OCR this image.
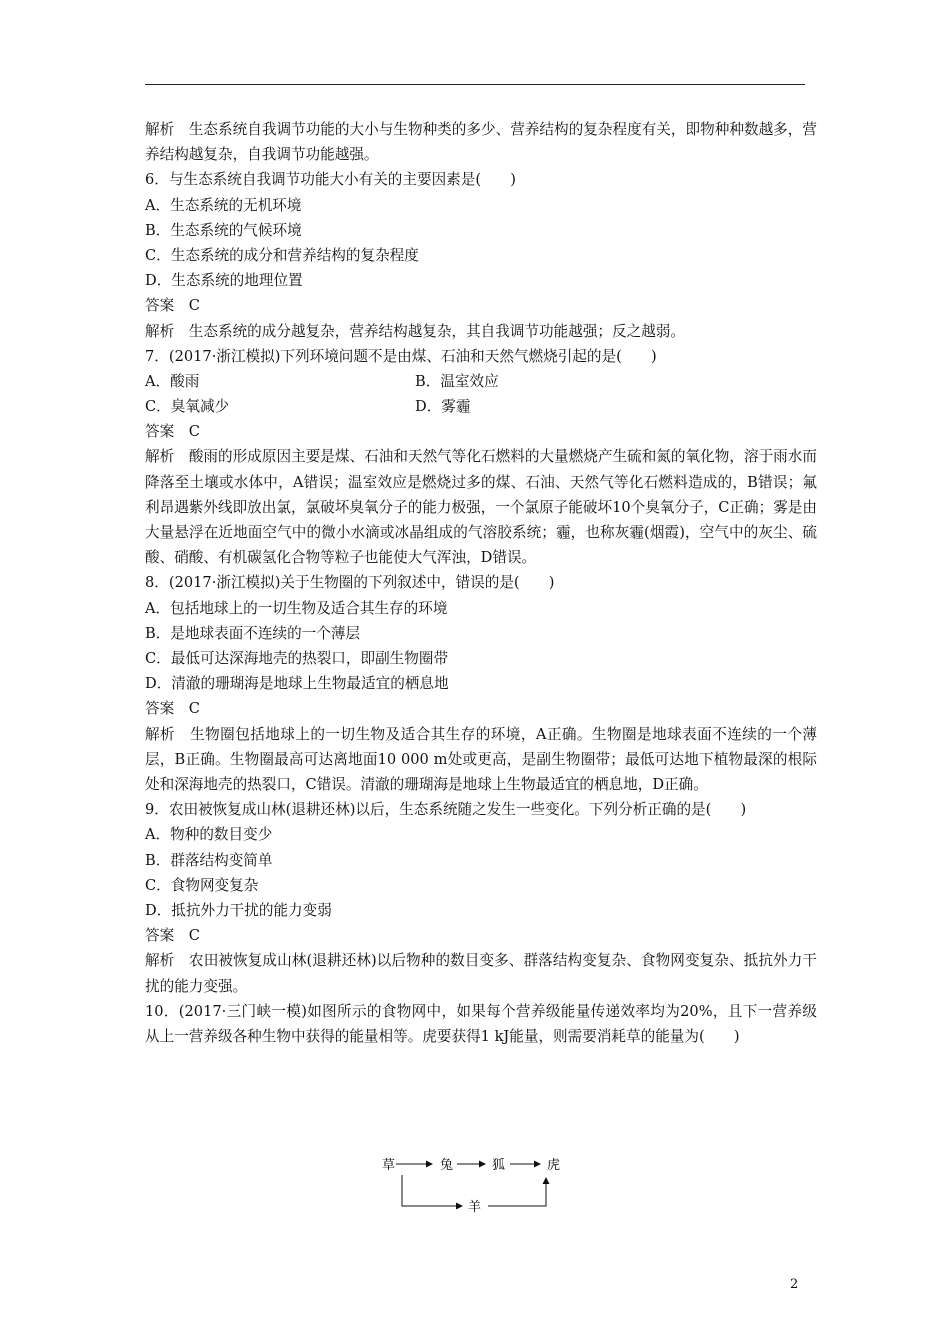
解析　生态系统自我调节功能的大小与生物种类的多少、营养结构的复杂程度有关，即物种种数越多，营养结构越复杂，自我调节功能越强。
6．与生态系统自我调节功能大小有关的主要因素是(　　)
A．生态系统的无机环境
B．生态系统的气候环境
C．生态系统的成分和营养结构的复杂程度
D．生态系统的地理位置
答案　C
解析　生态系统的成分越复杂，营养结构越复杂，其自我调节功能越强；反之越弱。
7．(2017·浙江模拟)下列环境问题不是由煤、石油和天然气燃烧引起的是(　　)
A．酸雨	B．温室效应
C．臭氧减少	D．雾霾
答案　C
解析　酸雨的形成原因主要是煤、石油和天然气等化石燃料的大量燃烧产生硫和氮的氧化物，溶于雨水而降落至土壤或水体中，A错误；温室效应是燃烧过多的煤、石油、天然气等化石燃料造成的，B错误；氟利昂遇紫外线即放出氯，氯破坏臭氧分子的能力极强，一个氯原子能破坏10个臭氧分子，C正确；雾是由大量悬浮在近地面空气中的微小水滴或冰晶组成的气溶胶系统；霾，也称灰霾(烟霞)，空气中的灰尘、硫酸、硝酸、有机碳氢化合物等粒子也能使大气浑浊，D错误。
8．(2017·浙江模拟)关于生物圈的下列叙述中，错误的是(　　)
A．包括地球上的一切生物及适合其生存的环境
B．是地球表面不连续的一个薄层
C．最低可达深海地壳的热裂口，即副生物圈带
D．清澈的珊瑚海是地球上生物最适宜的栖息地
答案　C
解析　生物圈包括地球上的一切生物及适合其生存的环境，A正确。生物圈是地球表面不连续的一个薄层，B正确。生物圈最高可达离地面10 000 m处或更高，是副生物圈带；最低可达地下植物最深的根际处和深海地壳的热裂口，C错误。清澈的珊瑚海是地球上生物最适宜的栖息地，D正确。
9．农田被恢复成山林(退耕还林)以后，生态系统随之发生一些变化。下列分析正确的是(　　)
A．物种的数目变少
B．群落结构变简单
C．食物网变复杂
D．抵抗外力干扰的能力变弱
答案　C
解析　农田被恢复成山林(退耕还林)以后物种的数目变多、群落结构变复杂、食物网变复杂、抵抗外力干扰的能力变强。
10．(2017·三门峡一模)如图所示的食物网中，如果每个营养级能量传递效率均为20%，且下一营养级从上一营养级各种生物中获得的能量相等。虎要获得1 kJ能量，则需要消耗草的能量为(　　)
草	兔	狐	虎
羊
2
